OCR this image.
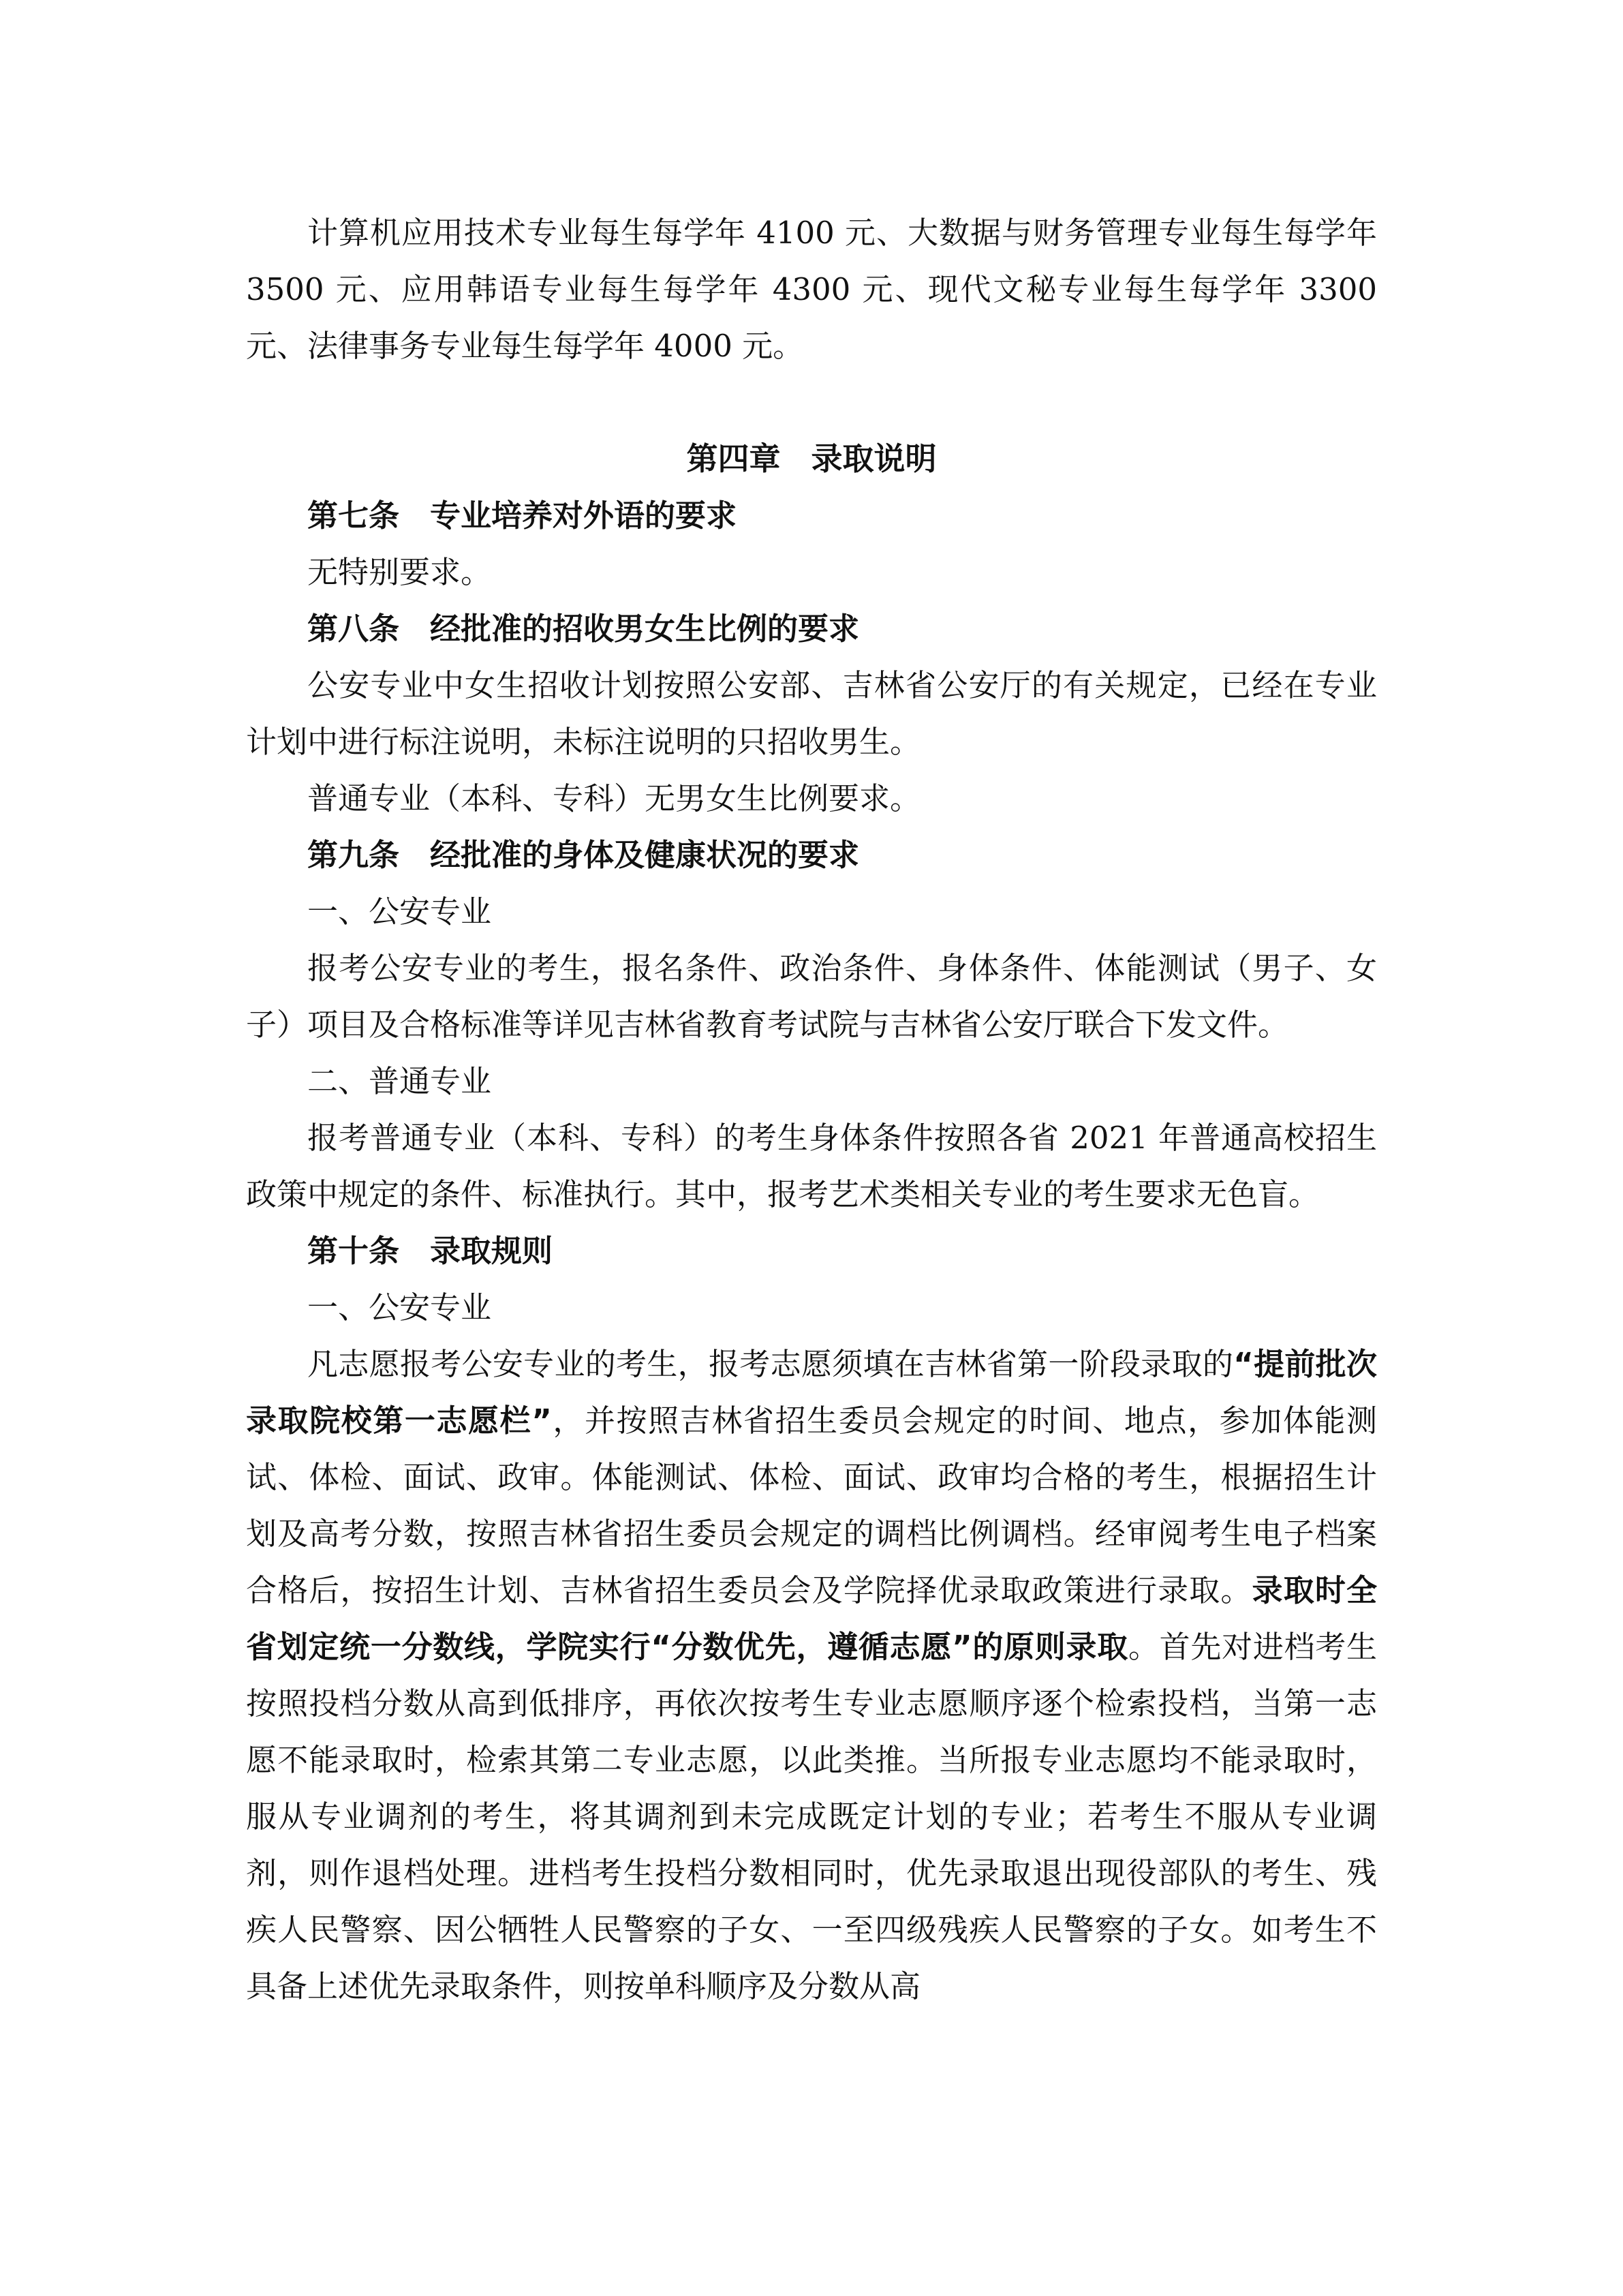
计算机应用技术专业每生每学年 4100 元、大数据与财务管理专业每生每学年 3500 元、应用韩语专业每生每学年 4300 元、现代文秘专业每生每学年 3300 元、法律事务专业每生每学年 4000 元。

第四章 录取说明

第七条 专业培养对外语的要求

无特别要求。

第八条 经批准的招收男女生比例的要求

公安专业中女生招收计划按照公安部、吉林省公安厅的有关规定，已经在专业计划中进行标注说明，未标注说明的只招收男生。

普通专业（本科、专科）无男女生比例要求。

第九条 经批准的身体及健康状况的要求

一、公安专业

报考公安专业的考生，报名条件、政治条件、身体条件、体能测试（男子、女子）项目及合格标准等详见吉林省教育考试院与吉林省公安厅联合下发文件。

二、普通专业

报考普通专业（本科、专科）的考生身体条件按照各省 2021 年普通高校招生政策中规定的条件、标准执行。其中，报考艺术类相关专业的考生要求无色盲。

第十条 录取规则

一、公安专业

凡志愿报考公安专业的考生，报考志愿须填在吉林省第一阶段录取的“提前批次录取院校第一志愿栏”，并按照吉林省招生委员会规定的时间、地点，参加体能测试、体检、面试、政审。体能测试、体检、面试、政审均合格的考生，根据招生计划及高考分数，按照吉林省招生委员会规定的调档比例调档。经审阅考生电子档案合格后，按招生计划、吉林省招生委员会及学院择优录取政策进行录取。录取时全省划定统一分数线，学院实行“分数优先，遵循志愿”的原则录取。首先对进档考生按照投档分数从高到低排序，再依次按考生专业志愿顺序逐个检索投档，当第一志愿不能录取时，检索其第二专业志愿，以此类推。当所报专业志愿均不能录取时，服从专业调剂的考生，将其调剂到未完成既定计划的专业；若考生不服从专业调剂，则作退档处理。进档考生投档分数相同时，优先录取退出现役部队的考生、残疾人民警察、因公牺牲人民警察的子女、一至四级残疾人民警察的子女。如考生不具备上述优先录取条件，则按单科顺序及分数从高
